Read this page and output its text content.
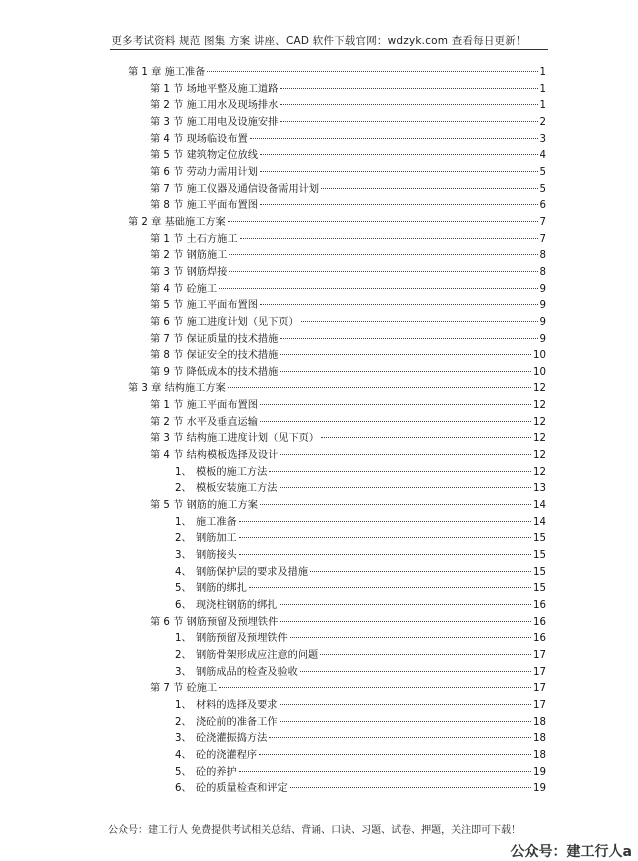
更多考试资料 规范 图集 方案 讲座、CAD 软件下载官网：wdzyk.com 查看每日更新！
第 1 章 施工准备	1
第 1 节 场地平整及施工道路	1
第 2 节 施工用水及现场排水	1
第 3 节 施工用电及设施安排	2
第 4 节 现场临设布置	3
第 5 节 建筑物定位放线	4
第 6 节 劳动力需用计划	5
第 7 节 施工仪器及通信设备需用计划	5
第 8 节 施工平面布置图	6
第 2 章 基础施工方案	7
第 1 节 土石方施工	7
第 2 节 钢筋施工	8
第 3 节 钢筋焊接	8
第 4 节 砼施工	9
第 5 节 施工平面布置图	9
第 6 节 施工进度计划（见下页）	9
第 7 节 保证质量的技术措施	9
第 8 节 保证安全的技术措施	10
第 9 节 降低成本的技术措施	10
第 3 章 结构施工方案	12
第 1 节 施工平面布置图	12
第 2 节 水平及垂直运输	12
第 3 节 结构施工进度计划（见下页）	12
第 4 节 结构模板选择及设计	12
1、 模板的施工方法	12
2、 模板安装施工方法	13
第 5 节 钢筋的施工方案	14
1、 施工准备	14
2、 钢筋加工	15
3、 钢筋接头	15
4、 钢筋保护层的要求及措施	15
5、 钢筋的绑扎	15
6、 现浇柱钢筋的绑扎	16
第 6 节 钢筋预留及预埋铁件	16
1、 钢筋预留及预埋铁件	16
2、 钢筋骨架形成应注意的问题	17
3、 钢筋成品的检查及验收	17
第 7 节 砼施工	17
1、 材料的选择及要求	17
2、 浇砼前的准备工作	18
3、 砼浇灌振捣方法	18
4、 砼的浇灌程序	18
5、 砼的养护	19
6、 砼的质量检查和评定	19
公众号：建工行人 免费提供考试相关总结、背诵、口诀、习题、试卷、押题，关注即可下载！
公众号：建工行人a
